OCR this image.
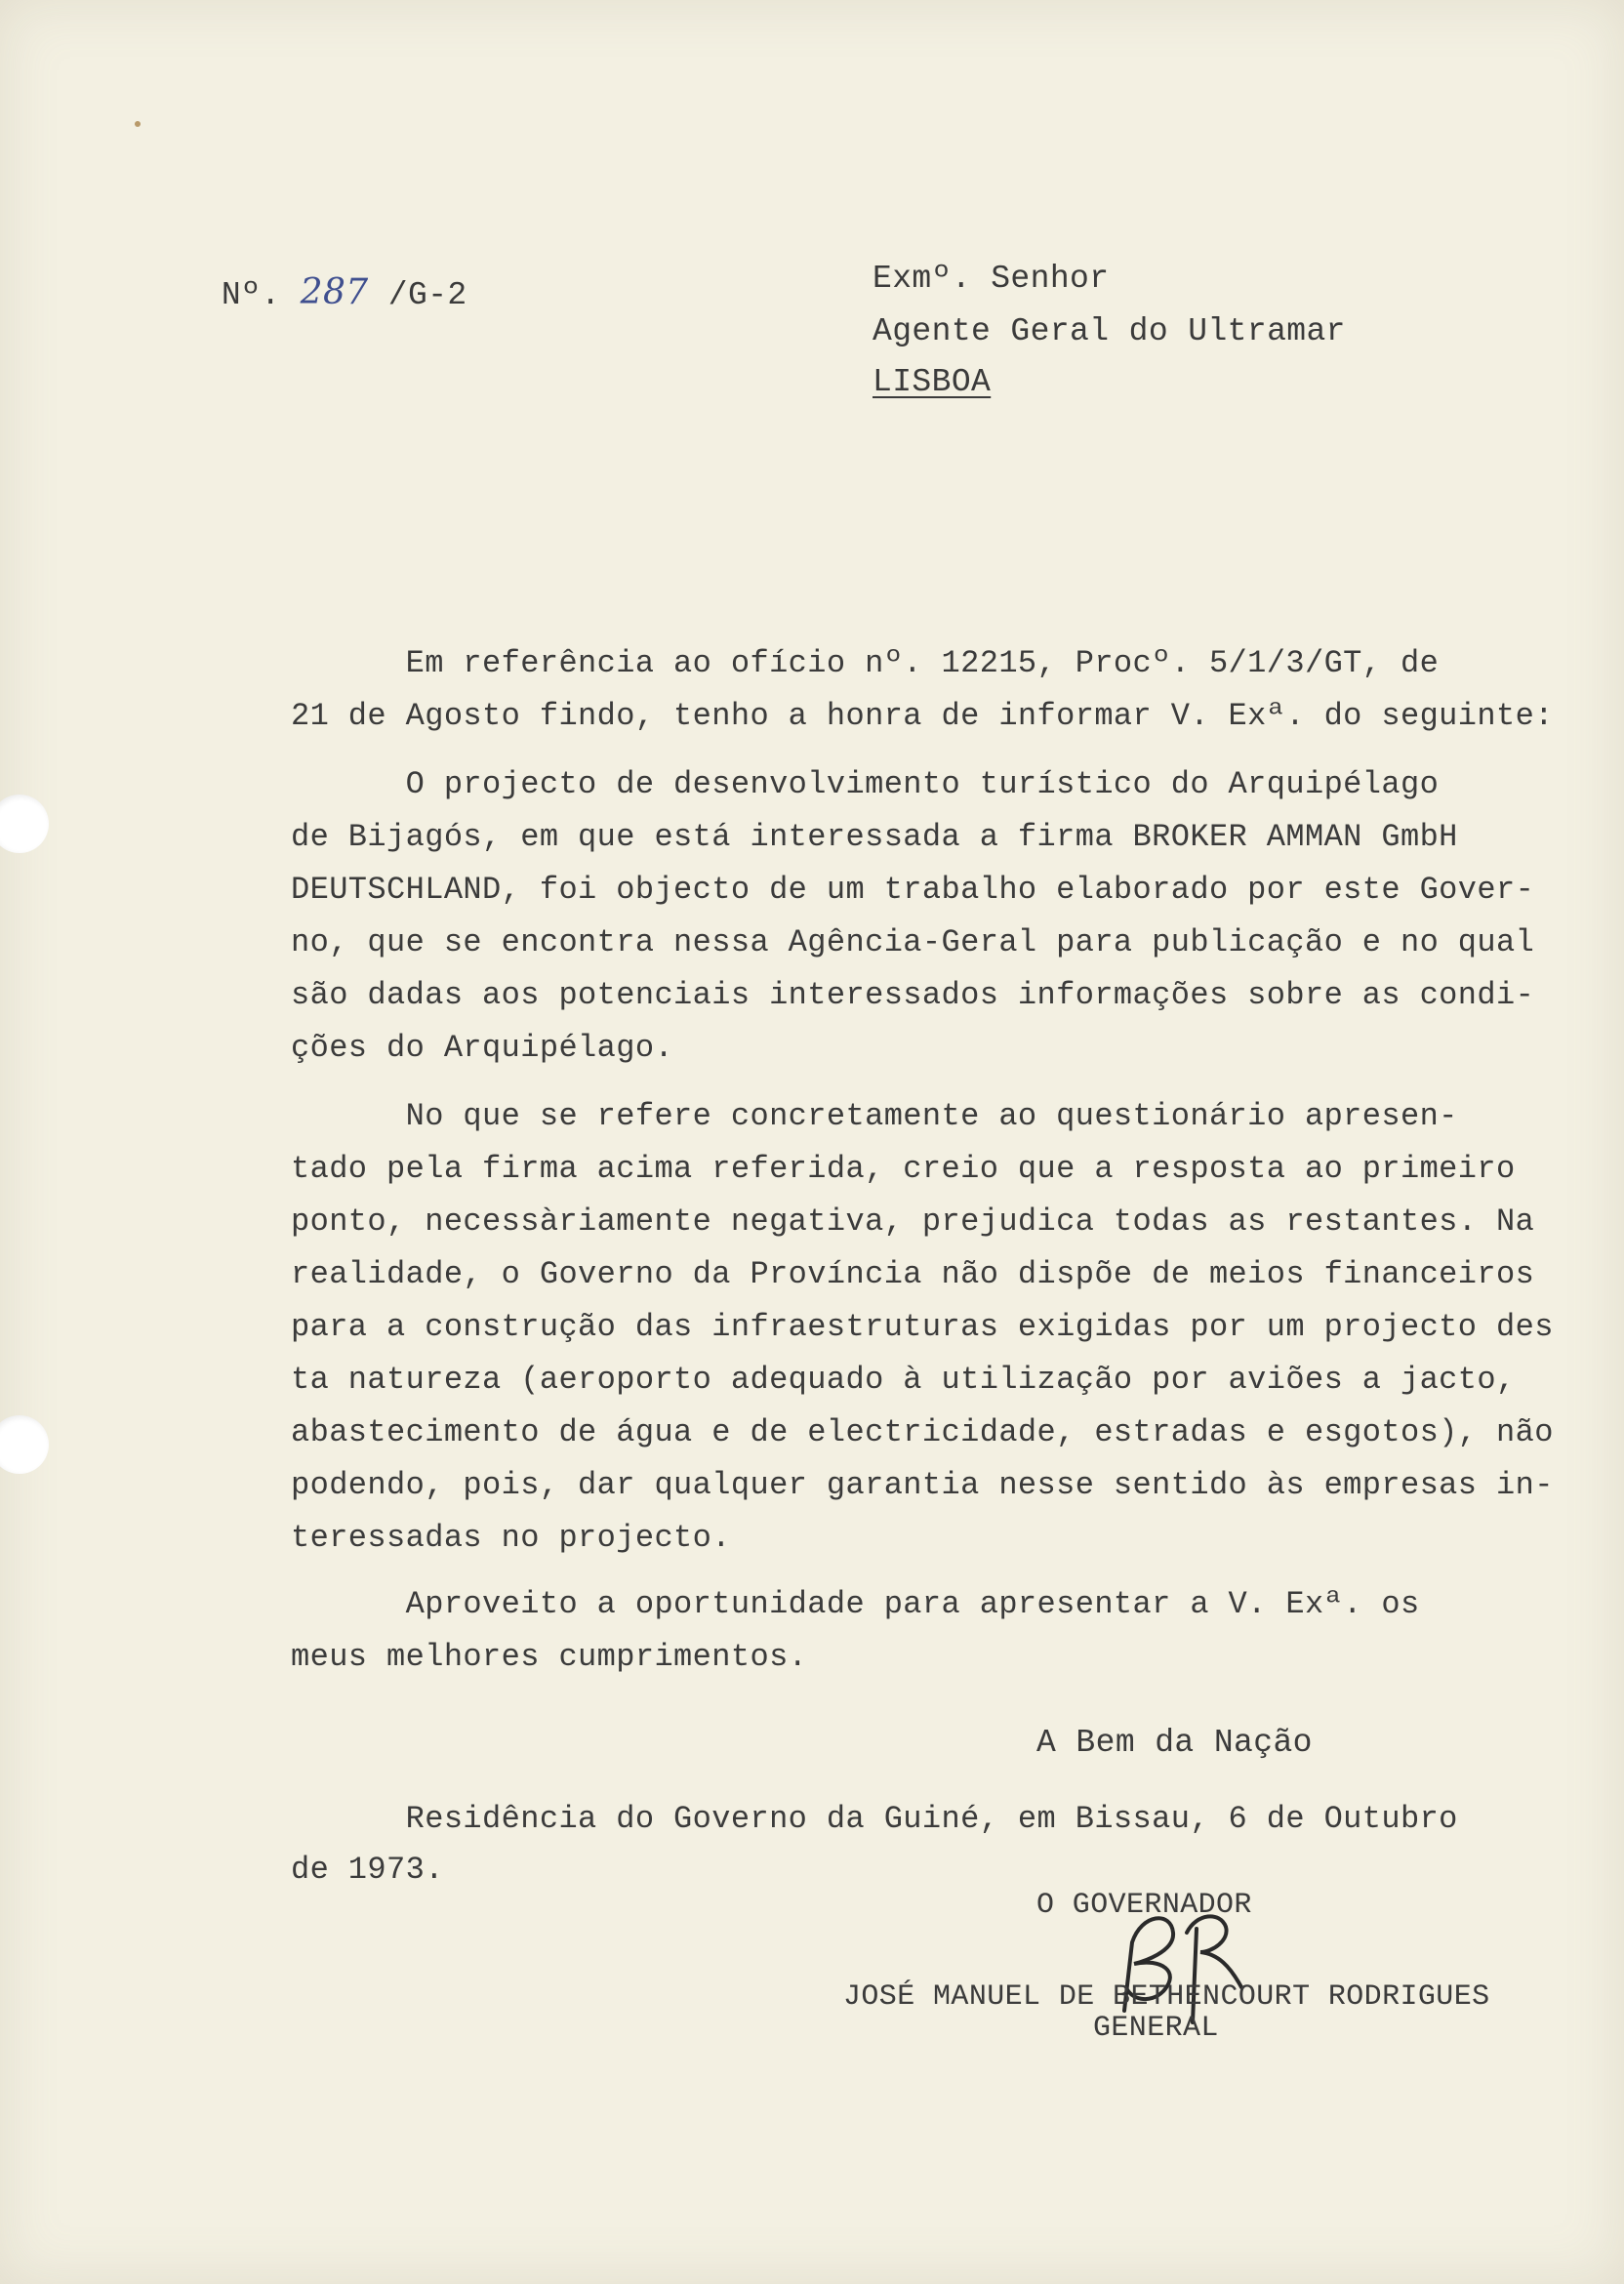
Nº. 287 /G-2
	Exmº. Senhor
Agente Geral do Ultramar
LISBOA
Em referência ao ofício nº. 12215, Procº. 5/1/3/GT, de
21 de Agosto findo, tenho a honra de informar V. Exª. do seguinte:
O projecto de desenvolvimento turístico do Arquipélago
de Bijagós, em que está interessada a firma BROKER AMMAN GmbH
DEUTSCHLAND, foi objecto de um trabalho elaborado por este Gover-
no, que se encontra nessa Agência-Geral para publicação e no qual
são dadas aos potenciais interessados informações sobre as condi-
ções do Arquipélago.
No que se refere concretamente ao questionário apresen-
tado pela firma acima referida, creio que a resposta ao primeiro
ponto, necessàriamente negativa, prejudica todas as restantes. Na
realidade, o Governo da Província não dispõe de meios financeiros
para a construção das infraestruturas exigidas por um projecto des
ta natureza (aeroporto adequado à utilização por aviões a jacto,
abastecimento de água e de electricidade, estradas e esgotos), não
podendo, pois, dar qualquer garantia nesse sentido às empresas in-
teressadas no projecto.
Aproveito a oportunidade para apresentar a V. Exª. os
meus melhores cumprimentos.
A Bem da Nação
Residência do Governo da Guiné, em Bissau, 6 de Outubro
de 1973.
O GOVERNADOR
JOSÉ MANUEL DE BETHENCOURT RODRIGUES
GENERAL
